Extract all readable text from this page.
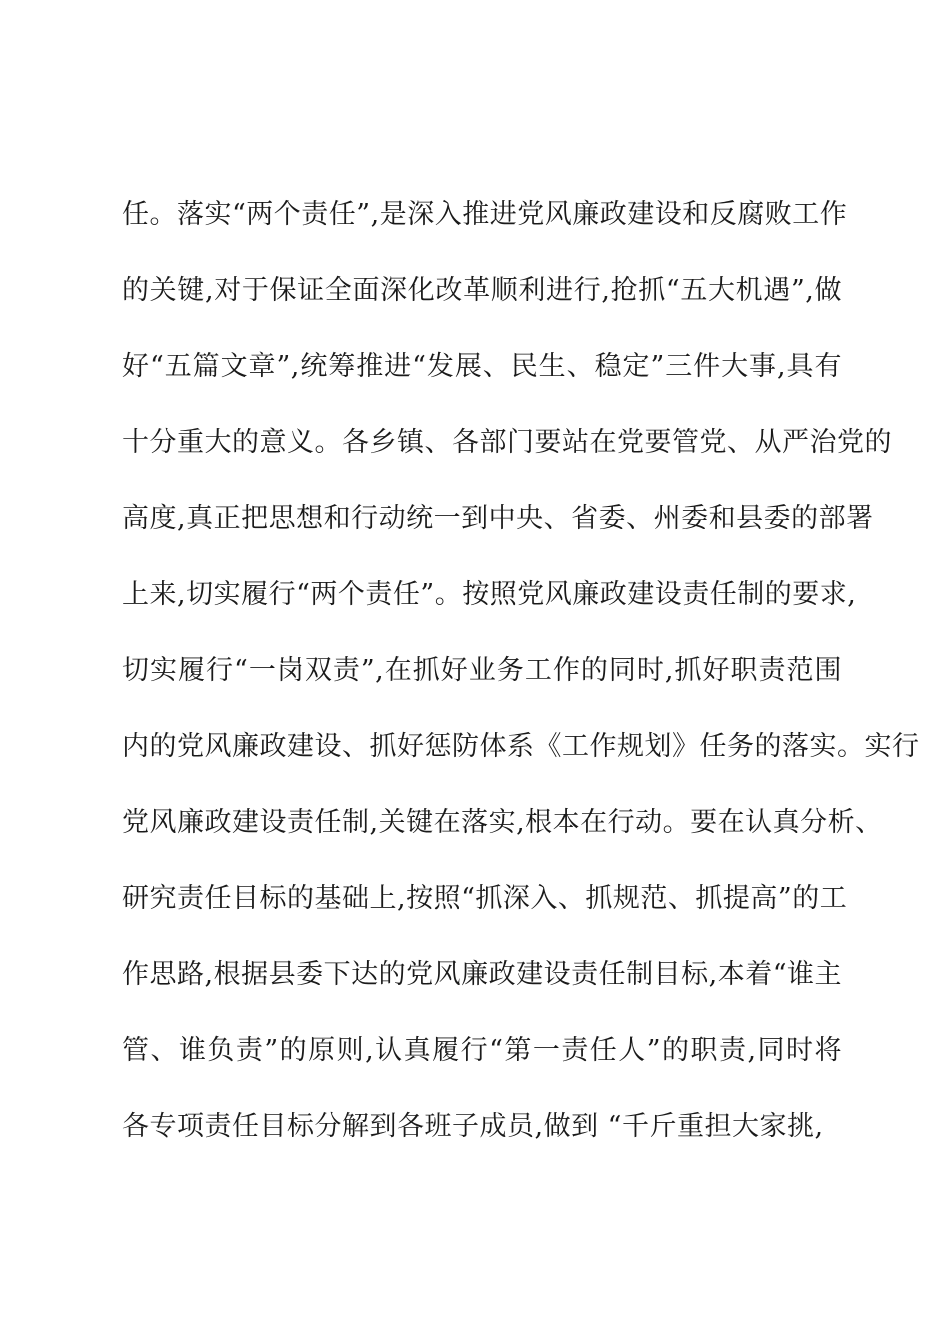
任。落实“两个责任”,是深入推进党风廉政建设和反腐败工作
的关键,对于保证全面深化改革顺利进行,抢抓“五大机遇”,做
好“五篇文章”,统筹推进“发展、民生、稳定”三件大事,具有
十分重大的意义。各乡镇、各部门要站在党要管党、从严治党的
高度,真正把思想和行动统一到中央、省委、州委和县委的部署
上来,切实履行“两个责任”。按照党风廉政建设责任制的要求,
切实履行“一岗双责”,在抓好业务工作的同时,抓好职责范围
内的党风廉政建设、抓好惩防体系《工作规划》任务的落实。实行
党风廉政建设责任制,关键在落实,根本在行动。要在认真分析、
研究责任目标的基础上,按照“抓深入、抓规范、抓提高”的工
作思路,根据县委下达的党风廉政建设责任制目标,本着“谁主
管、谁负责”的原则,认真履行“第一责任人”的职责,同时将
各专项责任目标分解到各班子成员,做到 “千斤重担大家挑,
